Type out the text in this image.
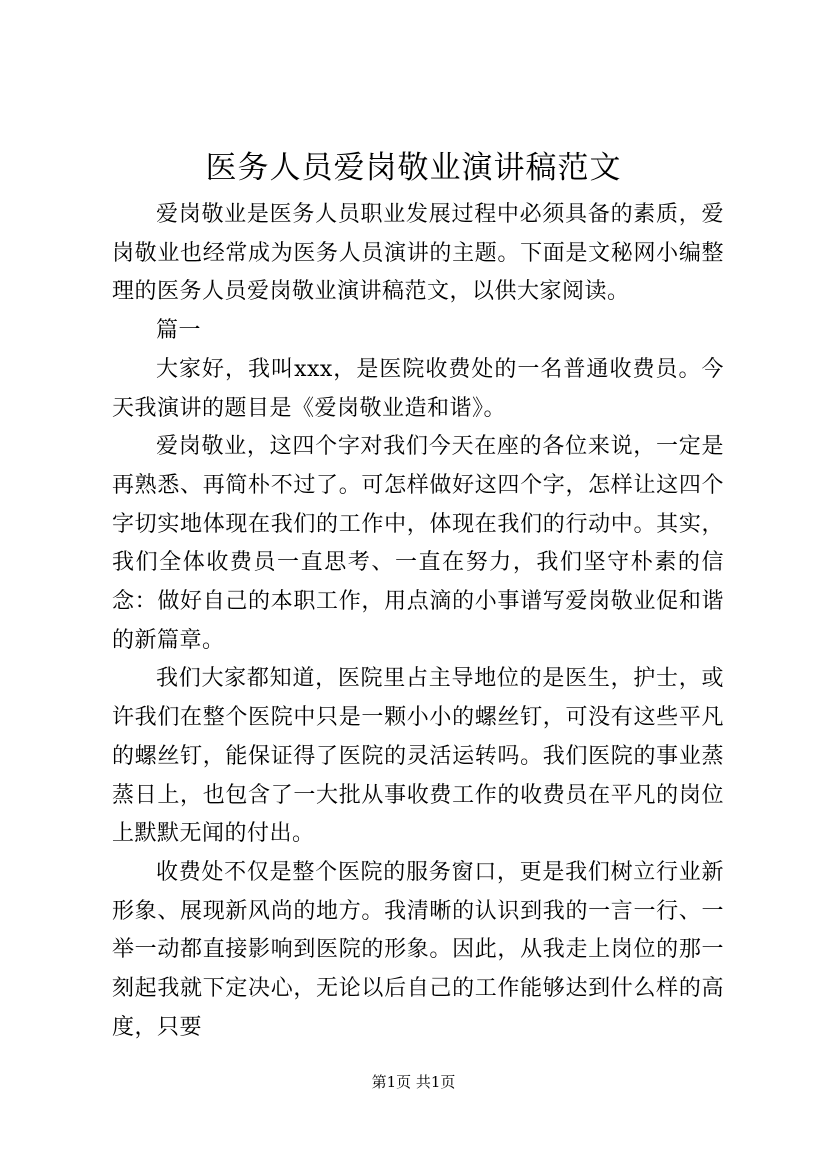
医务人员爱岗敬业演讲稿范文

爱岗敬业是医务人员职业发展过程中必须具备的素质，爱岗敬业也经常成为医务人员演讲的主题。下面是文秘网小编整理的医务人员爱岗敬业演讲稿范文，以供大家阅读。

篇一

大家好，我叫xxx，是医院收费处的一名普通收费员。今天我演讲的题目是《爱岗敬业造和谐》。

爱岗敬业，这四个字对我们今天在座的各位来说，一定是再熟悉、再简朴不过了。可怎样做好这四个字，怎样让这四个字切实地体现在我们的工作中，体现在我们的行动中。其实，我们全体收费员一直思考、一直在努力，我们坚守朴素的信念：做好自己的本职工作，用点滴的小事谱写爱岗敬业促和谐的新篇章。

我们大家都知道，医院里占主导地位的是医生，护士，或许我们在整个医院中只是一颗小小的螺丝钉，可没有这些平凡的螺丝钉，能保证得了医院的灵活运转吗。我们医院的事业蒸蒸日上，也包含了一大批从事收费工作的收费员在平凡的岗位上默默无闻的付出。

收费处不仅是整个医院的服务窗口，更是我们树立行业新形象、展现新风尚的地方。我清晰的认识到我的一言一行、一举一动都直接影响到医院的形象。因此，从我走上岗位的那一刻起我就下定决心，无论以后自己的工作能够达到什么样的高度，只要

第1页 共1页
